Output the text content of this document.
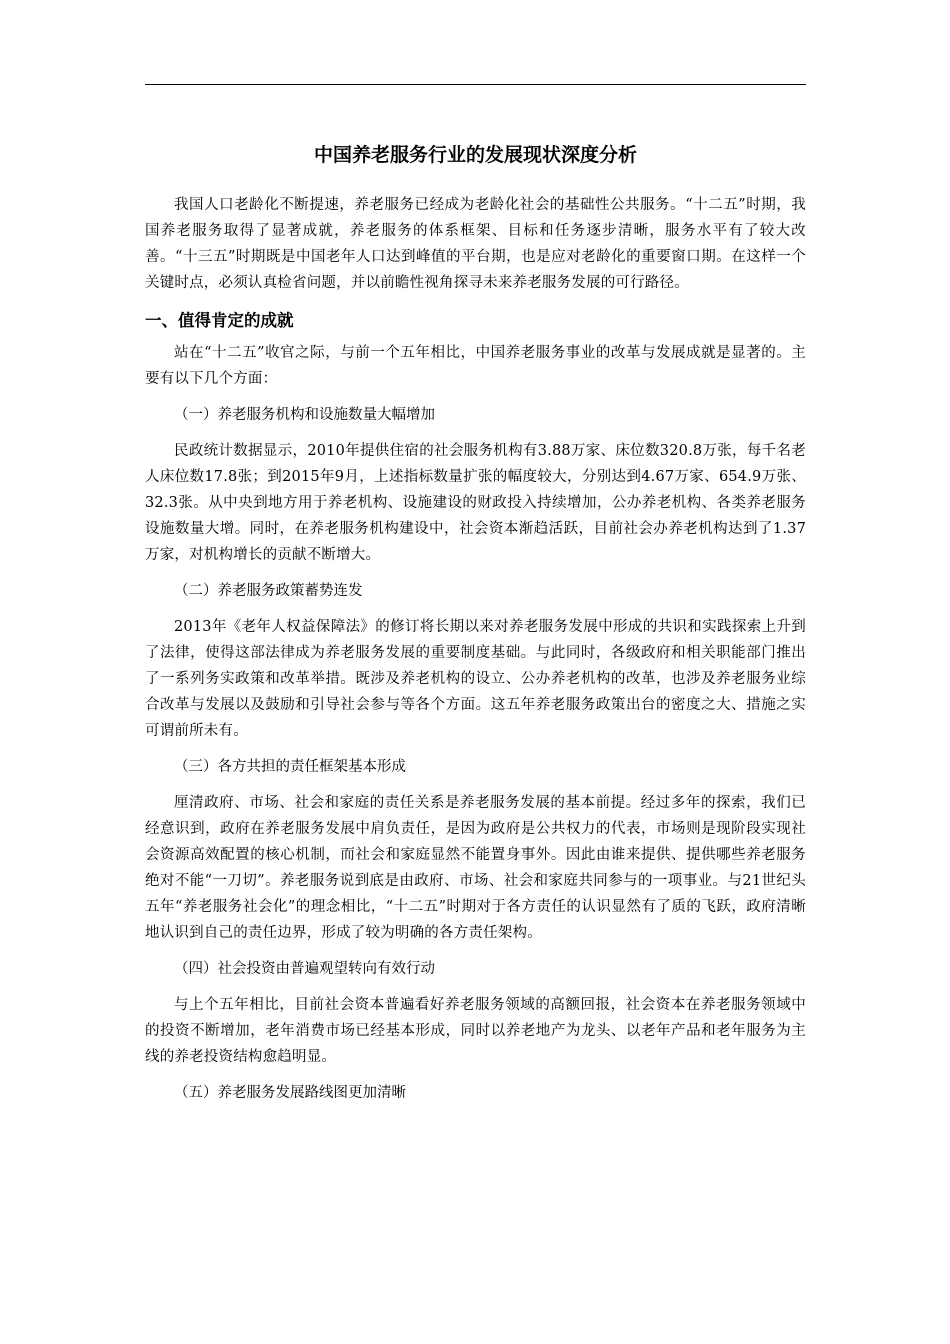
中国养老服务行业的发展现状深度分析

我国人口老龄化不断提速，养老服务已经成为老龄化社会的基础性公共服务。“十二五”时期，我国养老服务取得了显著成就，养老服务的体系框架、目标和任务逐步清晰，服务水平有了较大改善。“十三五”时期既是中国老年人口达到峰值的平台期，也是应对老龄化的重要窗口期。在这样一个关键时点，必须认真检省问题，并以前瞻性视角探寻未来养老服务发展的可行路径。

一、值得肯定的成就

站在“十二五”收官之际，与前一个五年相比，中国养老服务事业的改革与发展成就是显著的。主要有以下几个方面：

（一）养老服务机构和设施数量大幅增加

民政统计数据显示，2010年提供住宿的社会服务机构有3.88万家、床位数320.8万张，每千名老人床位数17.8张；到2015年9月，上述指标数量扩张的幅度较大，分别达到4.67万家、654.9万张、32.3张。从中央到地方用于养老机构、设施建设的财政投入持续增加，公办养老机构、各类养老服务设施数量大增。同时，在养老服务机构建设中，社会资本渐趋活跃，目前社会办养老机构达到了1.37万家，对机构增长的贡献不断增大。

（二）养老服务政策蓄势连发

2013年《老年人权益保障法》的修订将长期以来对养老服务发展中形成的共识和实践探索上升到了法律，使得这部法律成为养老服务发展的重要制度基础。与此同时，各级政府和相关职能部门推出了一系列务实政策和改革举措。既涉及养老机构的设立、公办养老机构的改革，也涉及养老服务业综合改革与发展以及鼓励和引导社会参与等各个方面。这五年养老服务政策出台的密度之大、措施之实可谓前所未有。

（三）各方共担的责任框架基本形成

厘清政府、市场、社会和家庭的责任关系是养老服务发展的基本前提。经过多年的探索，我们已经意识到，政府在养老服务发展中肩负责任，是因为政府是公共权力的代表，市场则是现阶段实现社会资源高效配置的核心机制，而社会和家庭显然不能置身事外。因此由谁来提供、提供哪些养老服务绝对不能“一刀切”。养老服务说到底是由政府、市场、社会和家庭共同参与的一项事业。与21世纪头五年“养老服务社会化”的理念相比，“十二五”时期对于各方责任的认识显然有了质的飞跃，政府清晰地认识到自己的责任边界，形成了较为明确的各方责任架构。

（四）社会投资由普遍观望转向有效行动

与上个五年相比，目前社会资本普遍看好养老服务领域的高额回报，社会资本在养老服务领域中的投资不断增加，老年消费市场已经基本形成，同时以养老地产为龙头、以老年产品和老年服务为主线的养老投资结构愈趋明显。

（五）养老服务发展路线图更加清晰
